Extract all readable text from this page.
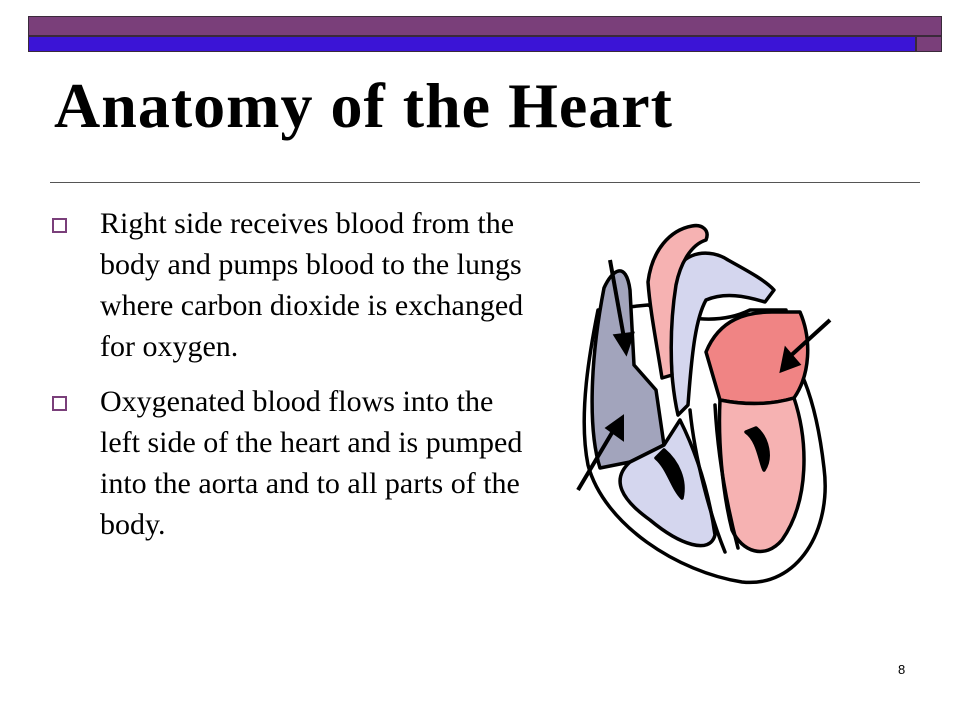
Anatomy of the Heart
Right side receives blood from the body and pumps blood to the lungs where carbon dioxide is exchanged for oxygen.
Oxygenated blood flows into the left side of the heart and is pumped into the aorta and to all parts of the body.
8
